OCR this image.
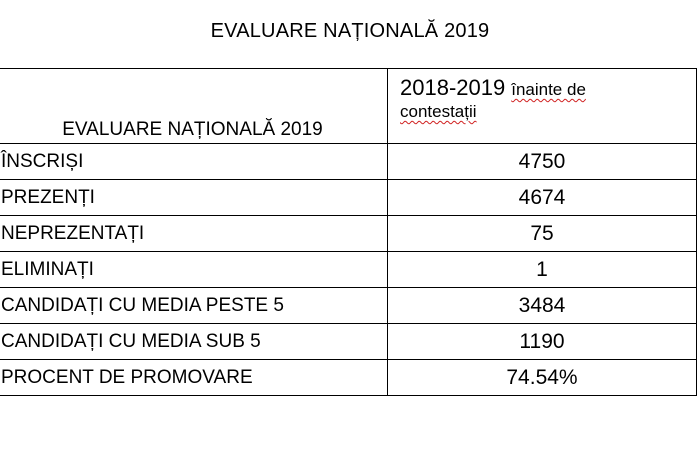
EVALUARE NAȚIONALĂ 2019
EVALUARE NAȚIONALĂ 2019	2018-2019 înainte de
contestații
ÎNSCRIȘI	4750
PREZENȚI	4674
NEPREZENTAȚI	75
ELIMINAȚI	1
CANDIDAȚI CU MEDIA PESTE 5	3484
CANDIDAȚI CU MEDIA SUB 5	1190
PROCENT DE PROMOVARE	74.54%
